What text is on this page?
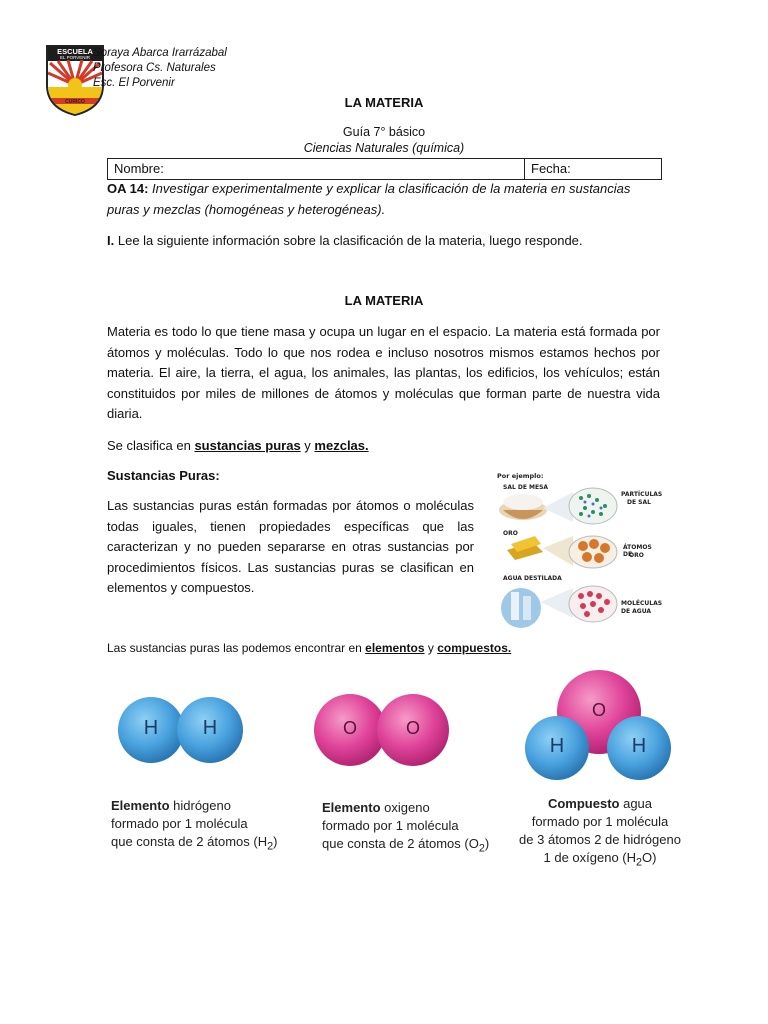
ESCUELA
EL PORVENIR
CURICO
Soraya Abarca Irarrázabal
Profesora Cs. Naturales
Esc. El Porvenir
LA MATERIA
Guía 7° básico
Ciencias Naturales (química)
Nombre:	Fecha:
OA 14: Investigar experimentalmente y explicar la clasificación de la materia en sustancias puras y mezclas (homogéneas y heterogéneas).
I. Lee la siguiente información sobre la clasificación de la materia, luego responde.
LA MATERIA
Materia es todo lo que tiene masa y ocupa un lugar en el espacio. La materia está formada por átomos y moléculas. Todo lo que nos rodea e incluso nosotros mismos estamos hechos por materia. El aire, la tierra, el agua, los animales, las plantas, los edificios, los vehículos; están constituidos por miles de millones de átomos y moléculas que forman parte de nuestra vida diaria.
Se clasifica en sustancias puras y mezclas.
Sustancias Puras:
Las sustancias puras están formadas por átomos o moléculas todas iguales, tienen propiedades específicas que las caracterizan y no pueden separarse en otras sustancias por procedimientos físicos. Las sustancias puras se clasifican en elementos y compuestos.
Por ejemplo:
SAL DE MESA
PARTÍCULAS
DE SAL
ORO
ÁTOMOS DE
ORO
AGUA DESTILADA
MOLÉCULAS
DE AGUA
Las sustancias puras las podemos encontrar en elementos y compuestos.
H H	O	O
O
H	H
Elemento hidrógeno
formado por 1 molécula
que consta de 2 átomos $(H_2)$
Elemento oxigeno
formado por 1 molécula
que consta de 2 átomos $(O_2)$
Compuesto agua
formado por 1 molécula
de 3 átomos 2 de hidrógeno
1 de oxígeno $(H_2O)$
